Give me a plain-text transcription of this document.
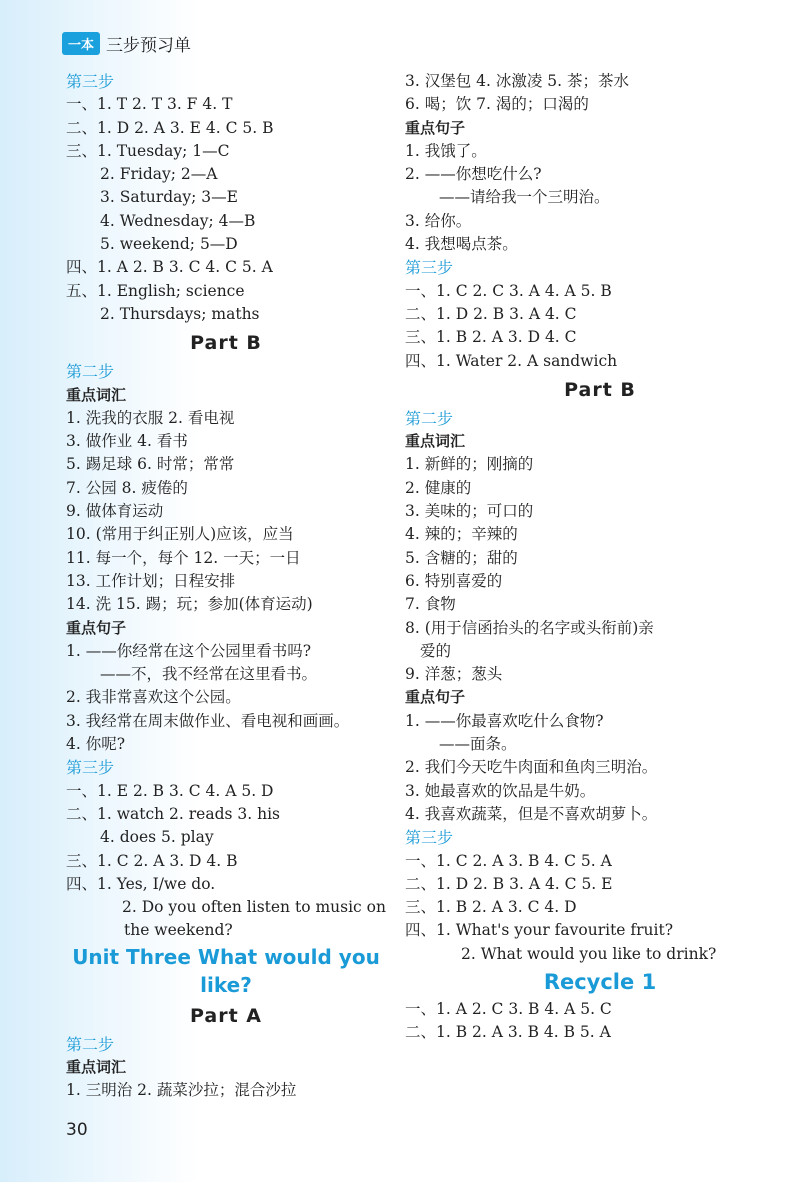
一本 三步预习单
第三步
一、1. T 2. T 3. F 4. T
二、1. D 2. A 3. E 4. C 5. B
三、1. Tuesday; 1—C
2. Friday; 2—A
3. Saturday; 3—E
4. Wednesday; 4—B
5. weekend; 5—D
四、1. A 2. B 3. C 4. C 5. A
五、1. English; science
2. Thursdays; maths
Part B
第二步
重点词汇
1. 洗我的衣服 2. 看电视
3. 做作业 4. 看书
5. 踢足球 6. 时常；常常
7. 公园 8. 疲倦的
9. 做体育运动
10. (常用于纠正别人)应该，应当
11. 每一个，每个 12. 一天；一日
13. 工作计划；日程安排
14. 洗 15. 踢；玩；参加(体育运动)
重点句子
1. ——你经常在这个公园里看书吗?
——不，我不经常在这里看书。
2. 我非常喜欢这个公园。
3. 我经常在周末做作业、看电视和画画。
4. 你呢?
第三步
一、1. E 2. B 3. C 4. A 5. D
二、1. watch 2. reads 3. his
4. does 5. play
三、1. C 2. A 3. D 4. B
四、1. Yes, I/we do.
2. Do you often listen to music on
the weekend?
Unit Three What would you
like?
Part A
第二步
重点词汇
1. 三明治 2. 蔬菜沙拉；混合沙拉
3. 汉堡包 4. 冰激凌 5. 茶；茶水
6. 喝；饮 7. 渴的；口渴的
重点句子
1. 我饿了。
2. ——你想吃什么?
——请给我一个三明治。
3. 给你。
4. 我想喝点茶。
第三步
一、1. C 2. C 3. A 4. A 5. B
二、1. D 2. B 3. A 4. C
三、1. B 2. A 3. D 4. C
四、1. Water 2. A sandwich
Part B
第二步
重点词汇
1. 新鲜的；刚摘的
2. 健康的
3. 美味的；可口的
4. 辣的；辛辣的
5. 含糖的；甜的
6. 特别喜爱的
7. 食物
8. (用于信函抬头的名字或头衔前)亲
爱的
9. 洋葱；葱头
重点句子
1. ——你最喜欢吃什么食物?
——面条。
2. 我们今天吃牛肉面和鱼肉三明治。
3. 她最喜欢的饮品是牛奶。
4. 我喜欢蔬菜，但是不喜欢胡萝卜。
第三步
一、1. C 2. A 3. B 4. C 5. A
二、1. D 2. B 3. A 4. C 5. E
三、1. B 2. A 3. C 4. D
四、1. What's your favourite fruit?
2. What would you like to drink?
Recycle 1
一、1. A 2. C 3. B 4. A 5. C
二、1. B 2. A 3. B 4. B 5. A
30
